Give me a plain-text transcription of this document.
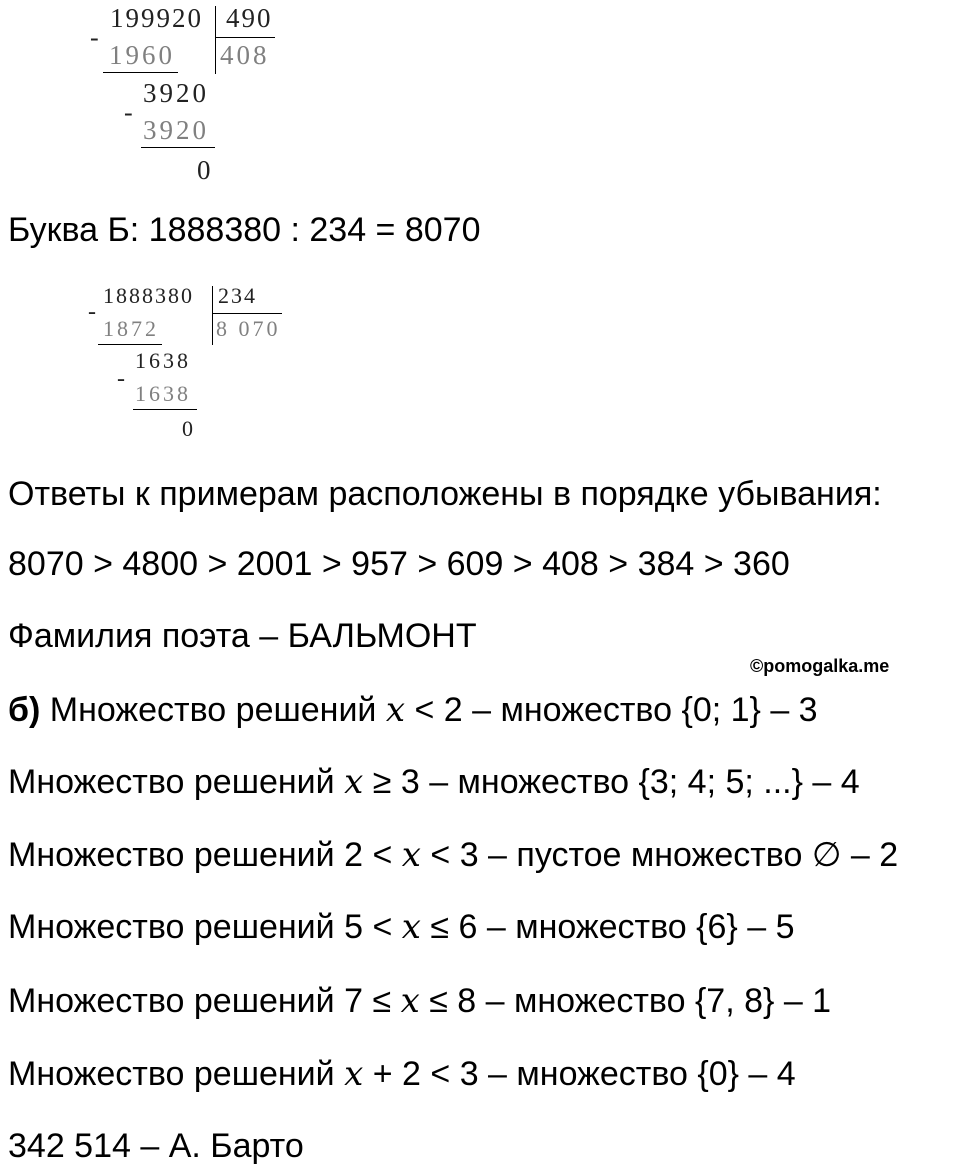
-
199920 490
1960 408
3920
-
3920
0
Буква Б: 1888380 : 234 = 8070
-
1888380 234
1872	8 070
1638
-
1638
0
Ответы к примерам расположены в порядке убывания:
8070 > 4800 > 2001 > 957 > 609 > 408 > 384 > 360
Фамилия поэта – БАЛЬМОНТ
©pomogalka.me
б) Множество решений 𝑥 < 2 – множество {0; 1} – 3
Множество решений 𝑥 ≥ 3 – множество {3; 4; 5; ...} – 4
Множество решений 2 < 𝑥 < 3 – пустое множество ∅ – 2
Множество решений 5 < 𝑥 ≤ 6 – множество {6} – 5
Множество решений 7 ≤ 𝑥 ≤ 8 – множество {7, 8} – 1
Множество решений 𝑥 + 2 < 3 – множество {0} – 4
342 514 – А. Барто
